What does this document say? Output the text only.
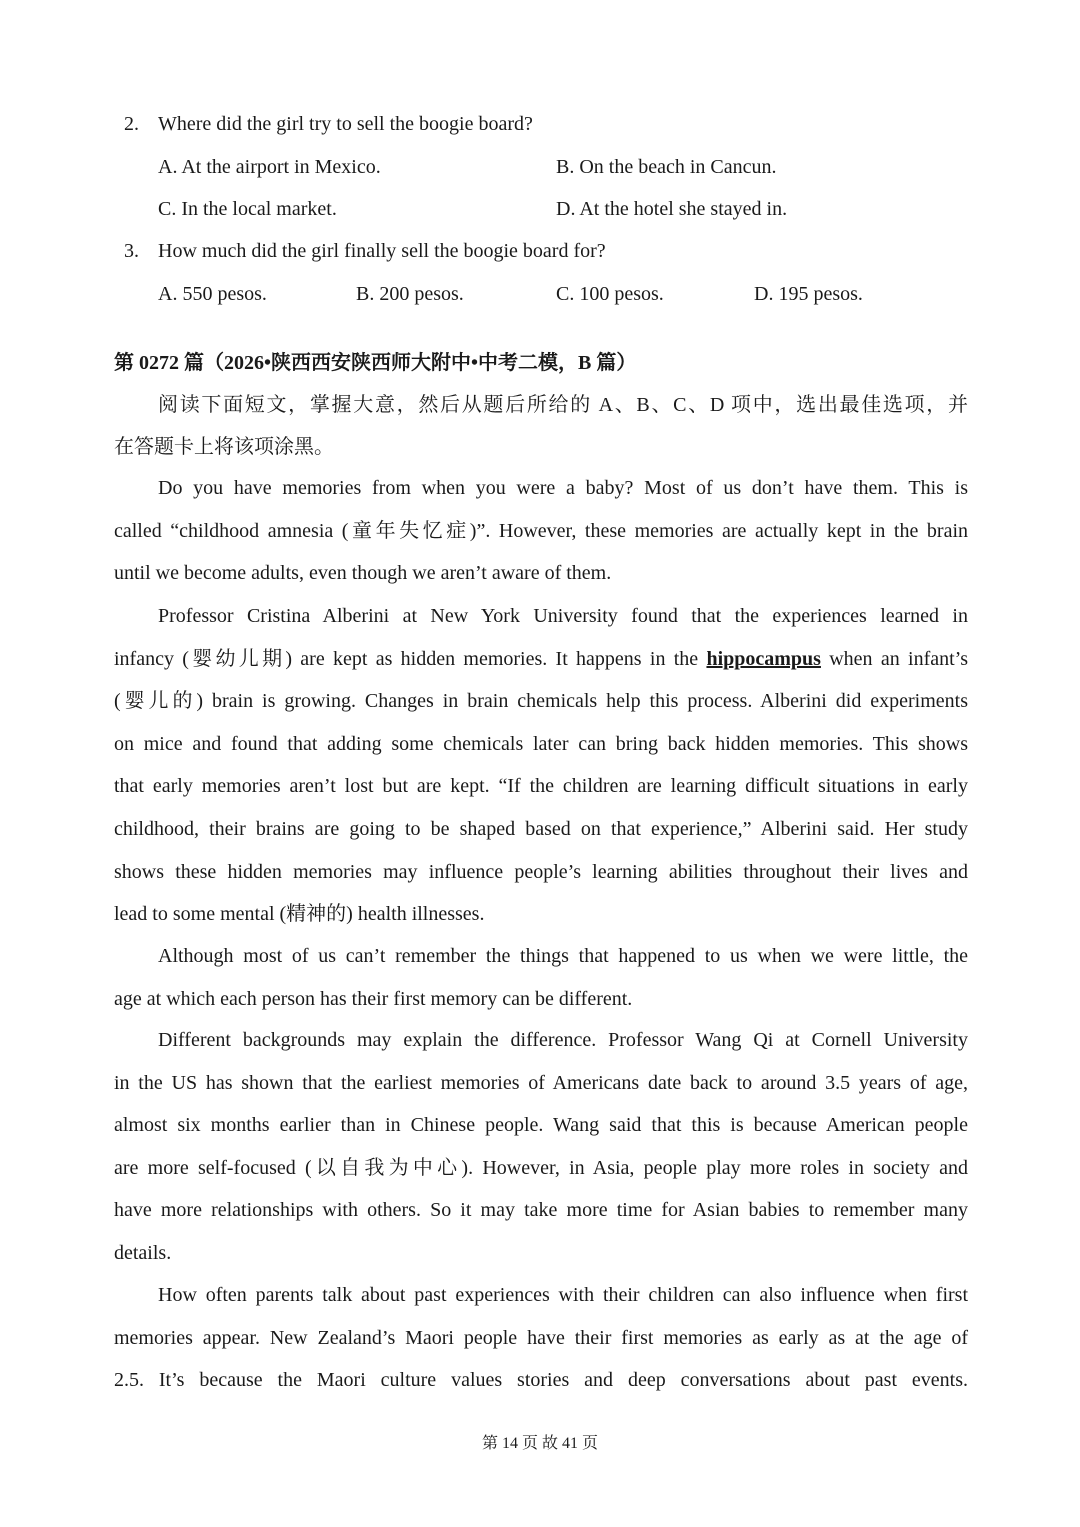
2. Where did the girl try to sell the boogie board?
A. At the airport in Mexico.	B. On the beach in Cancun.
C. In the local market.	D. At the hotel she stayed in.
3. How much did the girl finally sell the boogie board for?
A. 550 pesos.	B. 200 pesos.	C. 100 pesos.	D. 195 pesos.
第 0272 篇（2026•陕西西安陕西师大附中•中考二模，B 篇）
阅读下面短文，掌握大意，然后从题后所给的 A、B、C、D 项中，选出最佳选项，并
在答题卡上将该项涂黑。
Do you have memories from when you were a baby? Most of us don’t have them. This is
called “childhood amnesia (童年失忆症)”. However, these memories are actually kept in the brain
until we become adults, even though we aren’t aware of them.
Professor Cristina Alberini at New York University found that the experiences learned in
infancy (婴幼儿期) are kept as hidden memories. It happens in the hippocampus when an infant’s
(婴儿的) brain is growing. Changes in brain chemicals help this process. Alberini did experiments
on mice and found that adding some chemicals later can bring back hidden memories. This shows
that early memories aren’t lost but are kept. “If the children are learning difficult situations in early
childhood, their brains are going to be shaped based on that experience,” Alberini said. Her study
shows these hidden memories may influence people’s learning abilities throughout their lives and
lead to some mental (精神的) health illnesses.
Although most of us can’t remember the things that happened to us when we were little, the
age at which each person has their first memory can be different.
Different backgrounds may explain the difference. Professor Wang Qi at Cornell University
in the US has shown that the earliest memories of Americans date back to around 3.5 years of age,
almost six months earlier than in Chinese people. Wang said that this is because American people
are more self-focused (以自我为中心). However, in Asia, people play more roles in society and
have more relationships with others. So it may take more time for Asian babies to remember many
details.
How often parents talk about past experiences with their children can also influence when first
memories appear. New Zealand’s Maori people have their first memories as early as at the age of
2.5. It’s because the Maori culture values stories and deep conversations about past events.
第 14 页 故 41 页
